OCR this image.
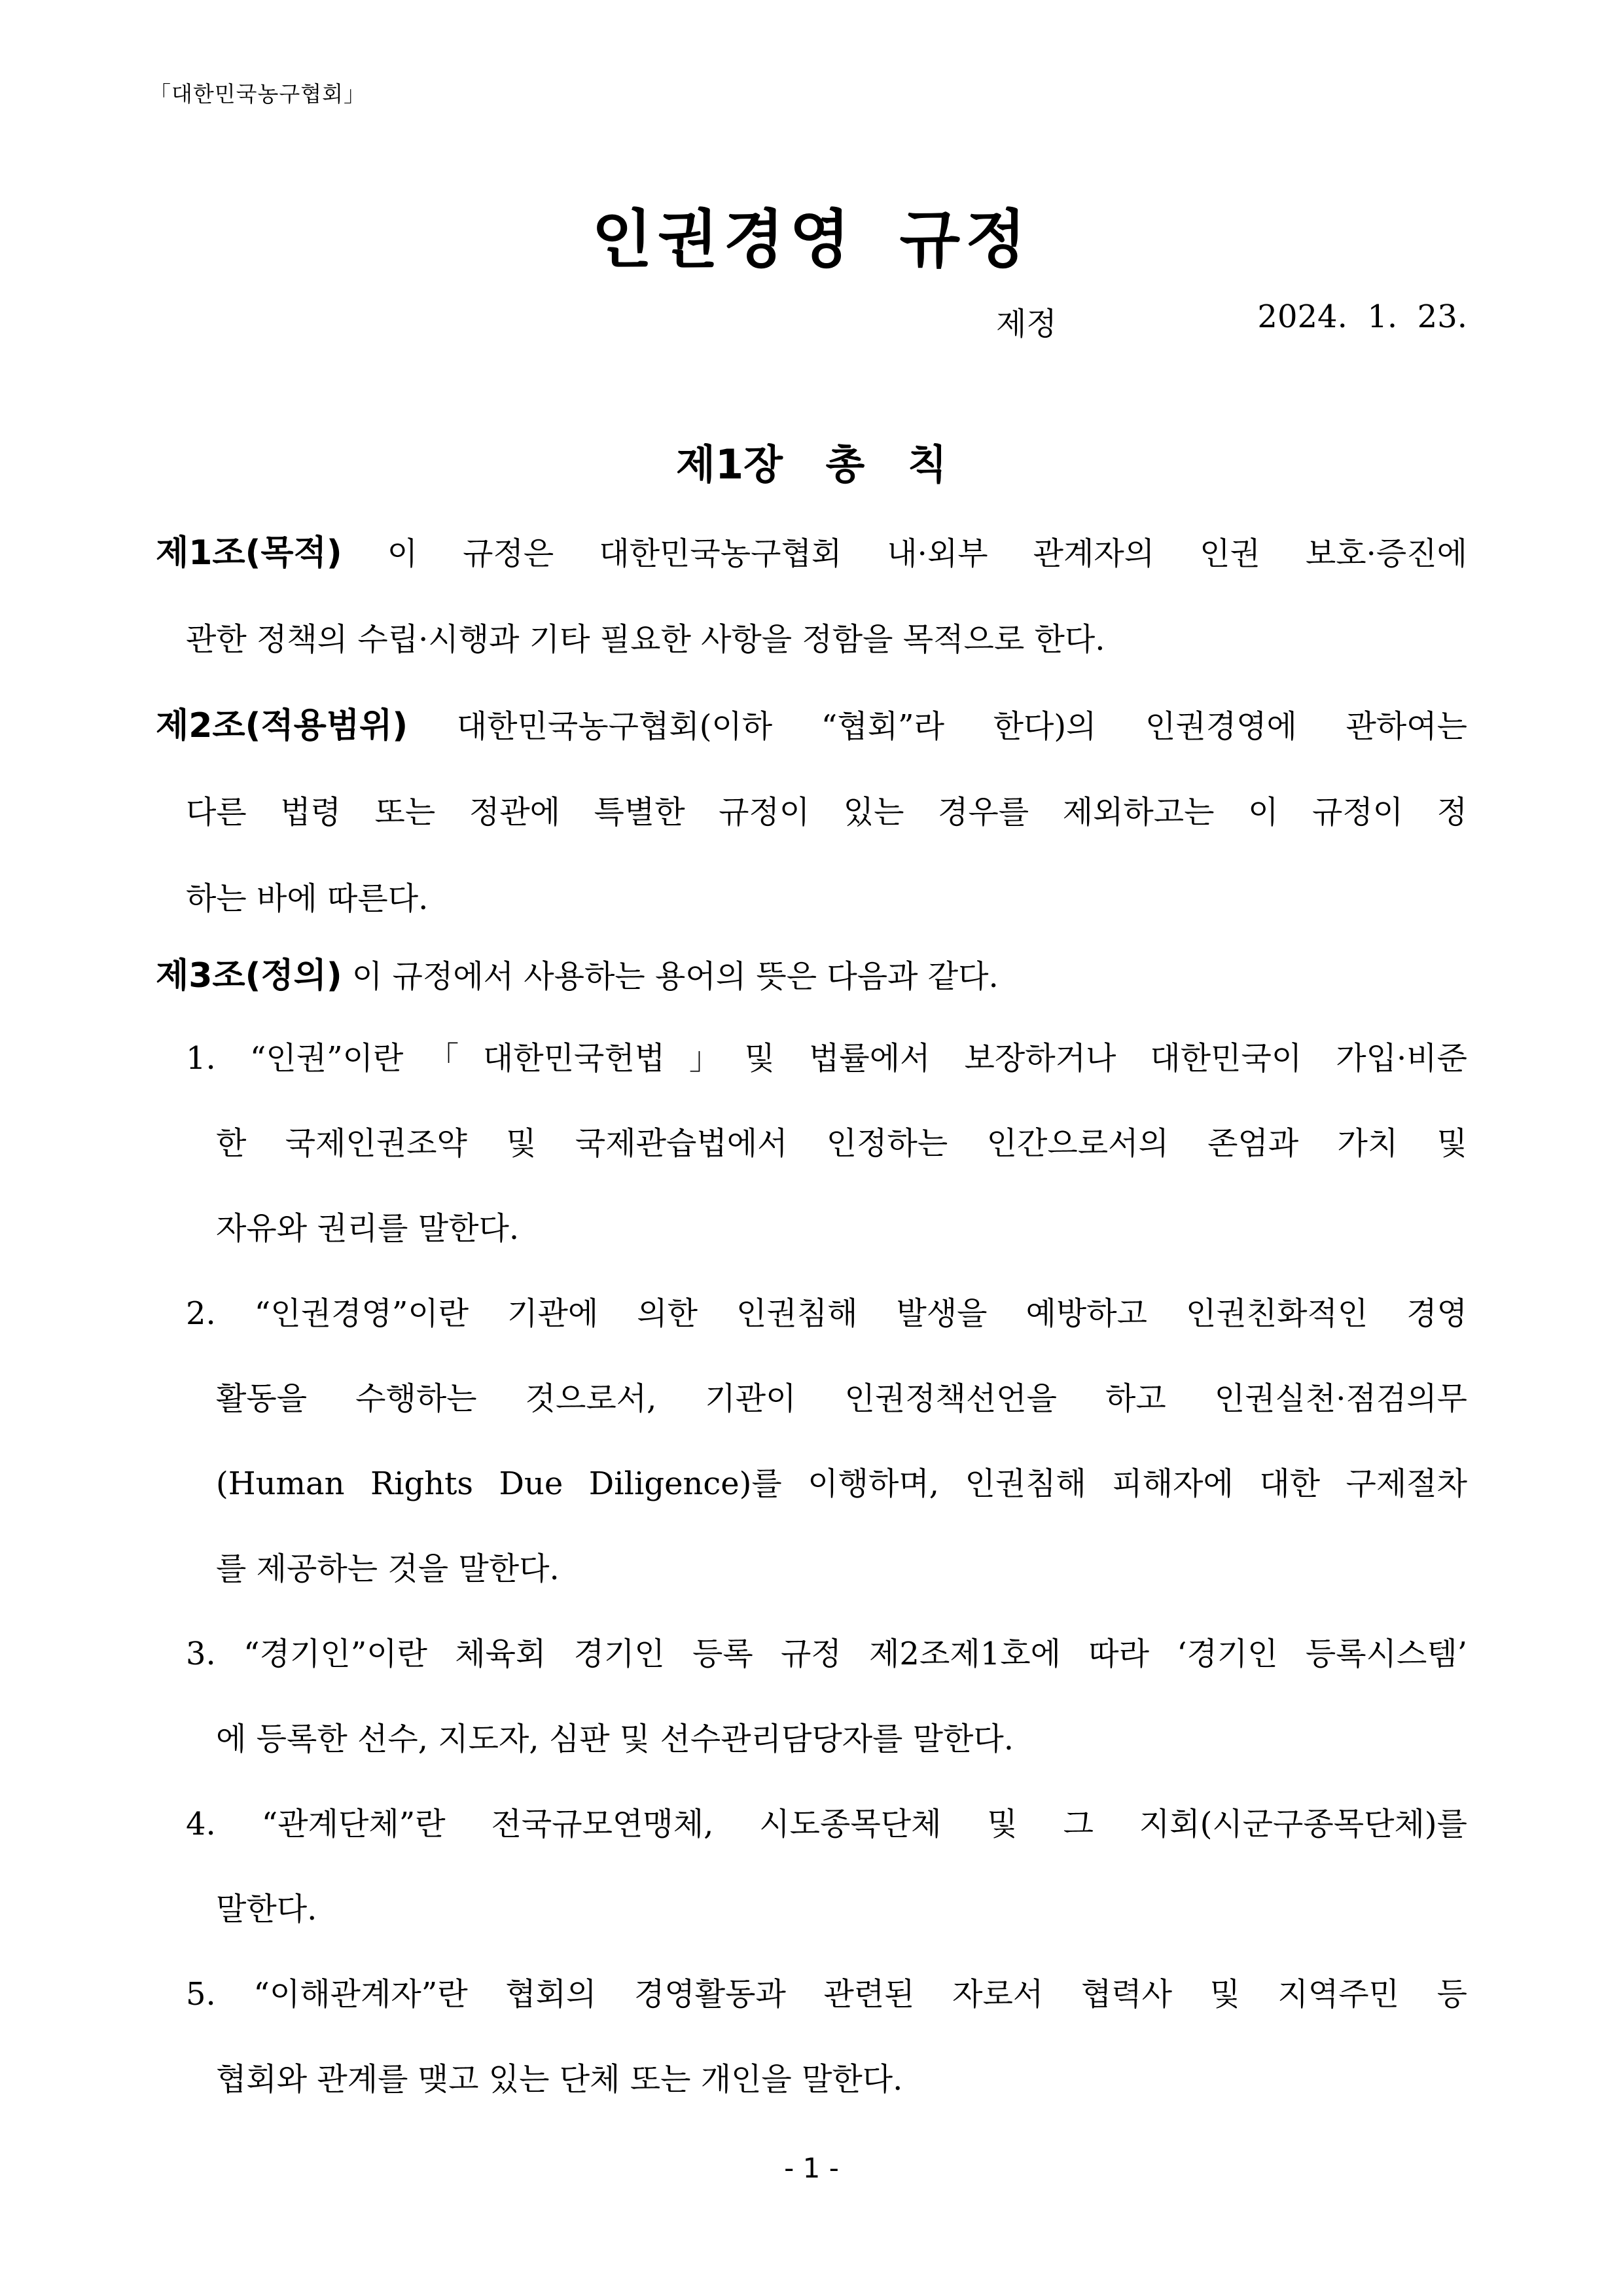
「대한민국농구협회」
인권경영 규정
제정	2024.  1.  23.
제1장 총 칙
제1조(목적) 이 규정은 대한민국농구협회 내·외부 관계자의 인권 보호·증진에
관한 정책의 수립·시행과 기타 필요한 사항을 정함을 목적으로 한다.
제2조(적용범위) 대한민국농구협회(이하 “협회”라 한다)의 인권경영에 관하여는
다른 법령 또는 정관에 특별한 규정이 있는 경우를 제외하고는 이 규정이 정
하는 바에 따른다.
제3조(정의) 이 규정에서 사용하는 용어의 뜻은 다음과 같다.
1. “인권”이란「대한민국헌법」및 법률에서 보장하거나 대한민국이 가입·비준
한 국제인권조약 및 국제관습법에서 인정하는 인간으로서의 존엄과 가치 및
자유와 권리를 말한다.
2. “인권경영”이란 기관에 의한 인권침해 발생을 예방하고 인권친화적인 경영
활동을 수행하는 것으로서, 기관이 인권정책선언을 하고 인권실천·점검의무
(Human Rights Due Diligence)를 이행하며, 인권침해 피해자에 대한 구제절차
를 제공하는 것을 말한다.
3. “경기인”이란 체육회 경기인 등록 규정 제2조제1호에 따라 ‘경기인 등록시스템’
에 등록한 선수, 지도자, 심판 및 선수관리담당자를 말한다.
4. “관계단체”란 전국규모연맹체, 시도종목단체 및 그 지회(시군구종목단체)를
말한다.
5. “이해관계자”란 협회의 경영활동과 관련된 자로서 협력사 및 지역주민 등
협회와 관계를 맺고 있는 단체 또는 개인을 말한다.
- 1 -
